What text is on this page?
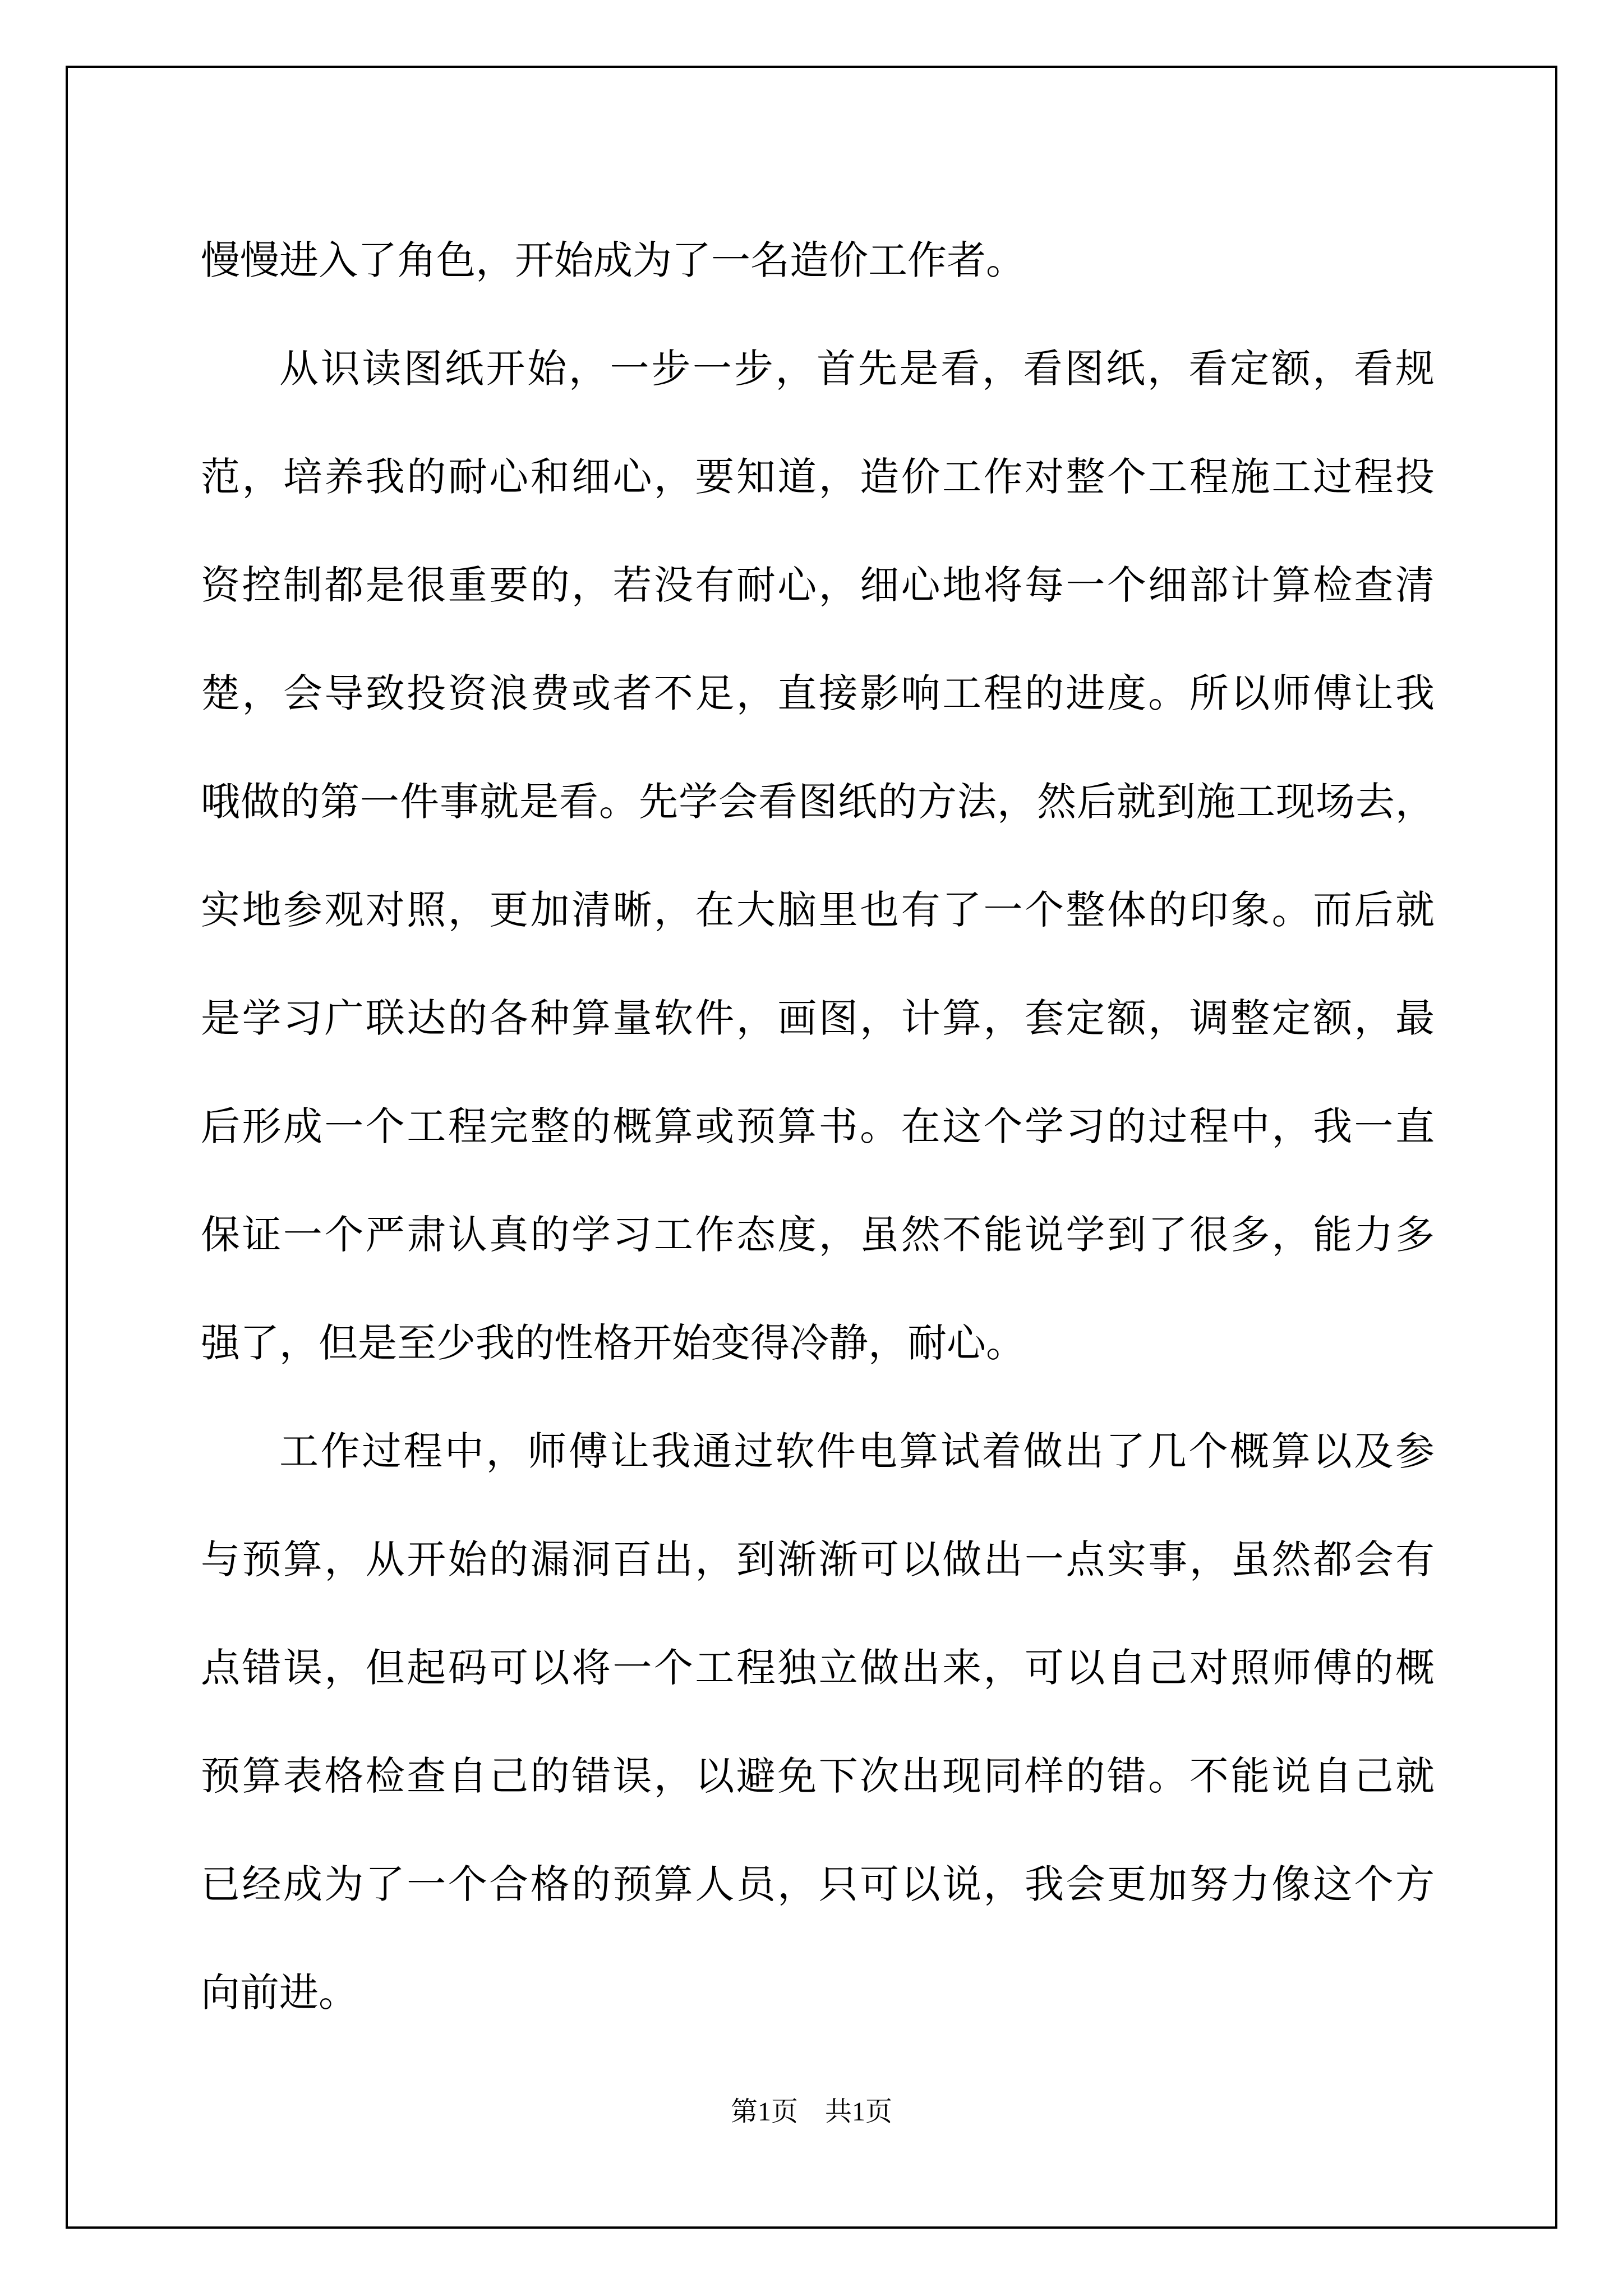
慢慢进入了角色，开始成为了一名造价工作者。
从识读图纸开始，一步一步，首先是看，看图纸，看定额，看规
范，培养我的耐心和细心，要知道，造价工作对整个工程施工过程投
资控制都是很重要的，若没有耐心，细心地将每一个细部计算检查清
楚，会导致投资浪费或者不足，直接影响工程的进度。所以师傅让我
哦做的第一件事就是看。先学会看图纸的方法，然后就到施工现场去，
实地参观对照，更加清晰，在大脑里也有了一个整体的印象。而后就
是学习广联达的各种算量软件，画图，计算，套定额，调整定额，最
后形成一个工程完整的概算或预算书。在这个学习的过程中，我一直
保证一个严肃认真的学习工作态度，虽然不能说学到了很多，能力多
强了，但是至少我的性格开始变得冷静，耐心。
工作过程中，师傅让我通过软件电算试着做出了几个概算以及参
与预算，从开始的漏洞百出，到渐渐可以做出一点实事，虽然都会有
点错误，但起码可以将一个工程独立做出来，可以自己对照师傅的概
预算表格检查自己的错误，以避免下次出现同样的错。不能说自己就
已经成为了一个合格的预算人员，只可以说，我会更加努力像这个方
向前进。
第1页    共1页
